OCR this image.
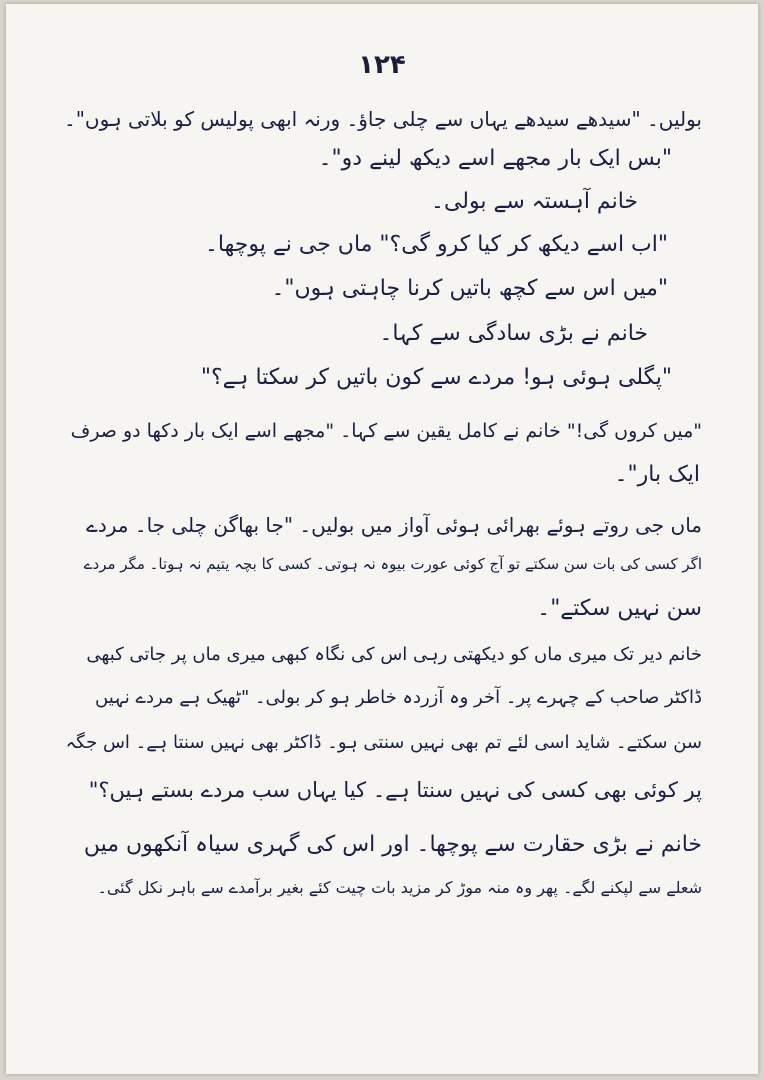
۱۲۴
بولیں۔ "سیدھے سیدھے یہاں سے چلی جاؤ۔ ورنہ ابھی پولیس کو بلاتی ہوں"۔
"بس ایک بار مجھے اسے دیکھ لینے دو"۔
خانم آہستہ سے بولی۔
"اب اسے دیکھ کر کیا کرو گی؟" ماں جی نے پوچھا۔
"میں اس سے کچھ باتیں کرنا چاہتی ہوں"۔
خانم نے بڑی سادگی سے کہا۔
"پگلی ہوئی ہو! مردے سے کون باتیں کر سکتا ہے؟"
"میں کروں گی!" خانم نے کامل یقین سے کہا۔ "مجھے اسے ایک بار دکھا دو صرف
ایک بار"۔
ماں جی روتے ہوئے بھرائی ہوئی آواز میں بولیں۔ "جا بھاگن چلی جا۔ مردے
اگر کسی کی بات سن سکتے تو آج کوئی عورت بیوہ نہ ہوتی۔ کسی کا بچہ یتیم نہ ہوتا۔ مگر مردے
سن نہیں سکتے"۔
خانم دیر تک میری ماں کو دیکھتی رہی اس کی نگاہ کبھی میری ماں پر جاتی کبھی
ڈاکٹر صاحب کے چہرے پر۔ آخر وہ آزردہ خاطر ہو کر بولی۔ "ٹھیک ہے مردے نہیں
سن سکتے۔ شاید اسی لئے تم بھی نہیں سنتی ہو۔ ڈاکٹر بھی نہیں سنتا ہے۔ اس جگہ
پر کوئی بھی کسی کی نہیں سنتا ہے۔ کیا یہاں سب مردے بستے ہیں؟"
خانم نے بڑی حقارت سے پوچھا۔ اور اس کی گہری سیاہ آنکھوں میں
شعلے سے لپکنے لگے۔ پھر وہ منہ موڑ کر مزید بات چیت کئے بغیر برآمدے سے باہر نکل گئی۔
